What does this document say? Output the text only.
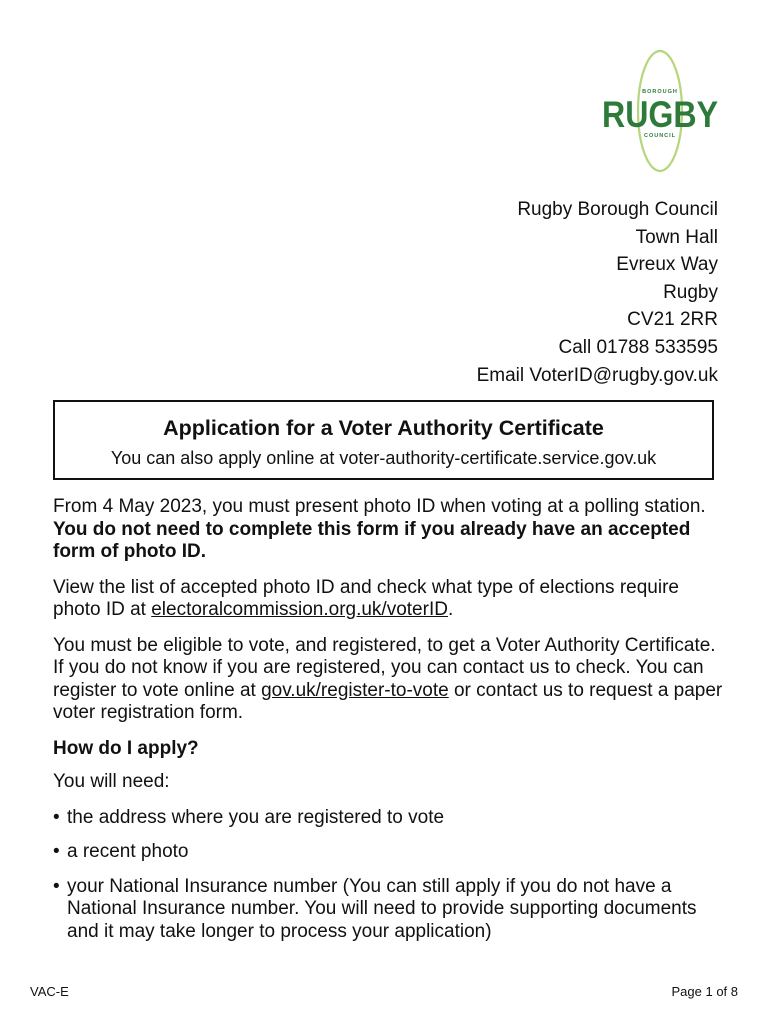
BOROUGH
RUGBY
COUNCIL
Rugby Borough Council
Town Hall
Evreux Way
Rugby
CV21 2RR
Call 01788 533595
Email VoterID@rugby.gov.uk
Application for a Voter Authority Certificate

You can also apply online at voter-authority-certificate.service.gov.uk

From 4 May 2023, you must present photo ID when voting at a polling station. You do not need to complete this form if you already have an accepted form of photo ID.

View the list of accepted photo ID and check what type of elections require photo ID at electoralcommission.org.uk/voterID.

You must be eligible to vote, and registered, to get a Voter Authority Certificate. If you do not know if you are registered, you can contact us to check. You can register to vote online at gov.uk/register-to-vote or contact us to request a paper voter registration form.

How do I apply?

You will need:

• the address where you are registered to vote
• a recent photo
• your National Insurance number (You can still apply if you do not have a National Insurance number. You will need to provide supporting documents and it may take longer to process your application)
VAC-E	Page 1 of 8
